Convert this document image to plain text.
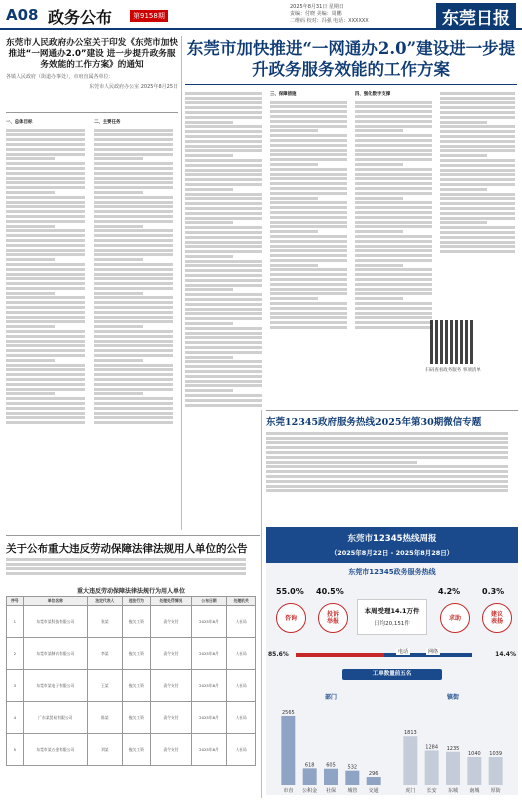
A08 政务公布	第9158期
2025年8月31日 星期日
责编：付晓 美编：周鹏
二维码 校对：冯强 电话：XXXXXX	东莞日报
东莞市人民政府办公室关于印发《东莞市加快推进“一网通办2.0”建设 进一步提升政务服务效能的工作方案》的通知
各镇人民政府（街道办事处），市府直属各单位：
东莞市人民政府办公室 2025年8月25日
东莞市加快推进“一网通办2.0”建设进一步提升政务服务效能的工作方案

一、总体目标	二、主要任务

三、保障措施	四、强化数字支撑

扫码查看政务服务 事项清单
关于公布重大违反劳动保障法律法规用人单位的公告
重大违反劳动保障法律法规行为用人单位
序号	单位名称	法定代表人	违法行为	处理处罚情况	公布日期	处理机关
1	东莞市某科技有限公司	张某	拖欠工资	责令支付	2025年8月	人社局
2	东莞市某制衣有限公司	李某	拖欠工资	责令支付	2025年8月	人社局
3	东莞市某电子有限公司	王某	拖欠工资	责令支付	2025年8月	人社局
4	广东某贸易有限公司	陈某	拖欠工资	责令支付	2025年8月	人社局
5	东莞市某五金有限公司	刘某	拖欠工资	责令支付	2025年8月	人社局
东莞12345政府服务热线2025年第30期微信专题
东莞市12345热线周报
（2025年8月22日 - 2025年8月28日）
东莞市12345政务服务热线
55.0% 40.5%	4.2%	0.3%
咨询	投诉
举报	求助	建议
表扬
本周受理14.1万件
日均20,151件
85.6%	电话	网络	14.4%
工单数量前五名
部门
2565
市直
618
公积金
605
社保
532
城管
296
交通
镇街
1813
虎门
1284
长安
1235
东城
1040
南城
1039
厚街
